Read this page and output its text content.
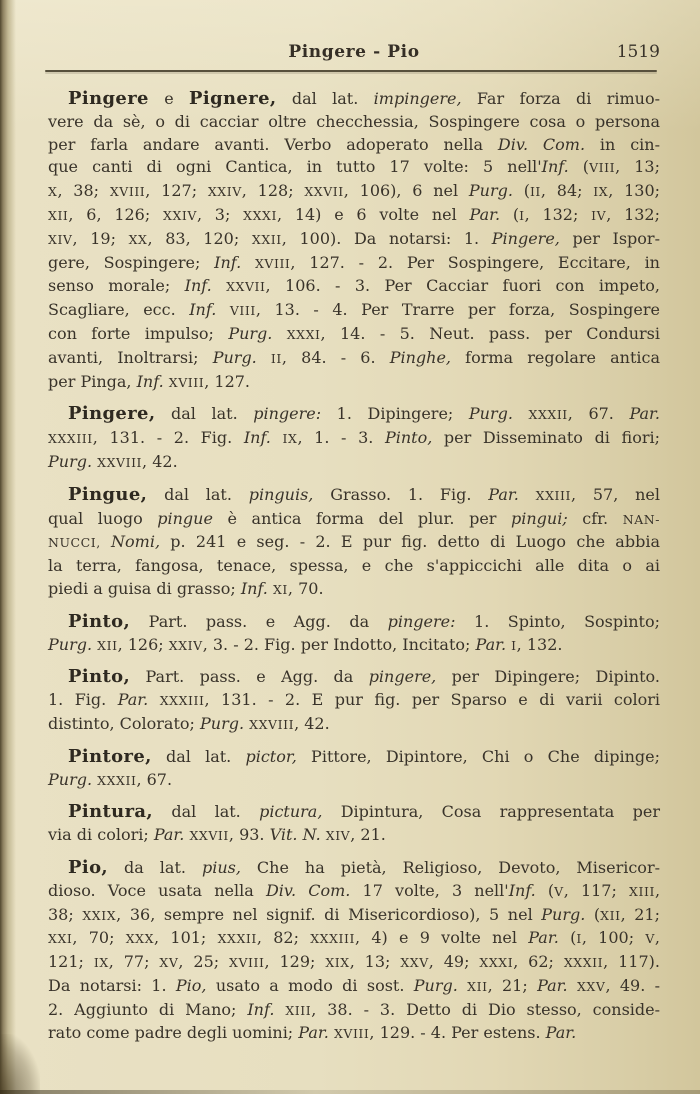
Pingere - Pio	1519
Pingere e Pignere, dal lat. impingere, Far forza di rimuo-
vere da sè, o di cacciar oltre checchessia, Sospingere cosa o persona
per farla andare avanti. Verbo adoperato nella Div. Com. in cin-
que canti di ogni Cantica, in tutto 17 volte: 5 nell'Inf. (VIII, 13;
X, 38; XVIII, 127; XXIV, 128; XXVII, 106), 6 nel Purg. (II, 84; IX, 130;
XII, 6, 126; XXIV, 3; XXXI, 14) e 6 volte nel Par. (I, 132; IV, 132;
XIV, 19; XX, 83, 120; XXII, 100). Da notarsi: 1. Pingere, per Ispor-
gere, Sospingere; Inf. XVIII, 127. - 2. Per Sospingere, Eccitare, in
senso morale; Inf. XXVII, 106. - 3. Per Cacciar fuori con impeto,
Scagliare, ecc. Inf. VIII, 13. - 4. Per Trarre per forza, Sospingere
con forte impulso; Purg. XXXI, 14. - 5. Neut. pass. per Condursi
avanti, Inoltrarsi; Purg. II, 84. - 6. Pinghe, forma regolare antica
per Pinga, Inf. XVIII, 127.
Pingere, dal lat. pingere: 1. Dipingere; Purg. XXXII, 67. Par.
XXXIII, 131. - 2. Fig. Inf. IX, 1. - 3. Pinto, per Disseminato di fiori;
Purg. XXVIII, 42.
Pingue, dal lat. pinguis, Grasso. 1. Fig. Par. XXIII, 57, nel
qual luogo pingue è antica forma del plur. per pingui; cfr. NAN-
NUCCI, Nomi, p. 241 e seg. - 2. E pur fig. detto di Luogo che abbia
la terra, fangosa, tenace, spessa, e che s'appiccichi alle dita o ai
piedi a guisa di grasso; Inf. XI, 70.
Pinto, Part. pass. e Agg. da pingere: 1. Spinto, Sospinto;
Purg. XII, 126; XXIV, 3. - 2. Fig. per Indotto, Incitato; Par. I, 132.
Pinto, Part. pass. e Agg. da pingere, per Dipingere; Dipinto.
1. Fig. Par. XXXIII, 131. - 2. E pur fig. per Sparso e di varii colori
distinto, Colorato; Purg. XXVIII, 42.
Pintore, dal lat. pictor, Pittore, Dipintore, Chi o Che dipinge;
Purg. XXXII, 67.
Pintura, dal lat. pictura, Dipintura, Cosa rappresentata per
via di colori; Par. XXVII, 93. Vit. N. XIV, 21.
Pio, da lat. pius, Che ha pietà, Religioso, Devoto, Misericor-
dioso. Voce usata nella Div. Com. 17 volte, 3 nell'Inf. (V, 117; XIII,
38; XXIX, 36, sempre nel signif. di Misericordioso), 5 nel Purg. (XII, 21;
XXI, 70; XXX, 101; XXXII, 82; XXXIII, 4) e 9 volte nel Par. (I, 100; V,
121; IX, 77; XV, 25; XVIII, 129; XIX, 13; XXV, 49; XXXI, 62; XXXII, 117).
Da notarsi: 1. Pio, usato a modo di sost. Purg. XII, 21; Par. XXV, 49. -
2. Aggiunto di Mano; Inf. XIII, 38. - 3. Detto di Dio stesso, conside-
rato come padre degli uomini; Par. XVIII, 129. - 4. Per estens. Par.
